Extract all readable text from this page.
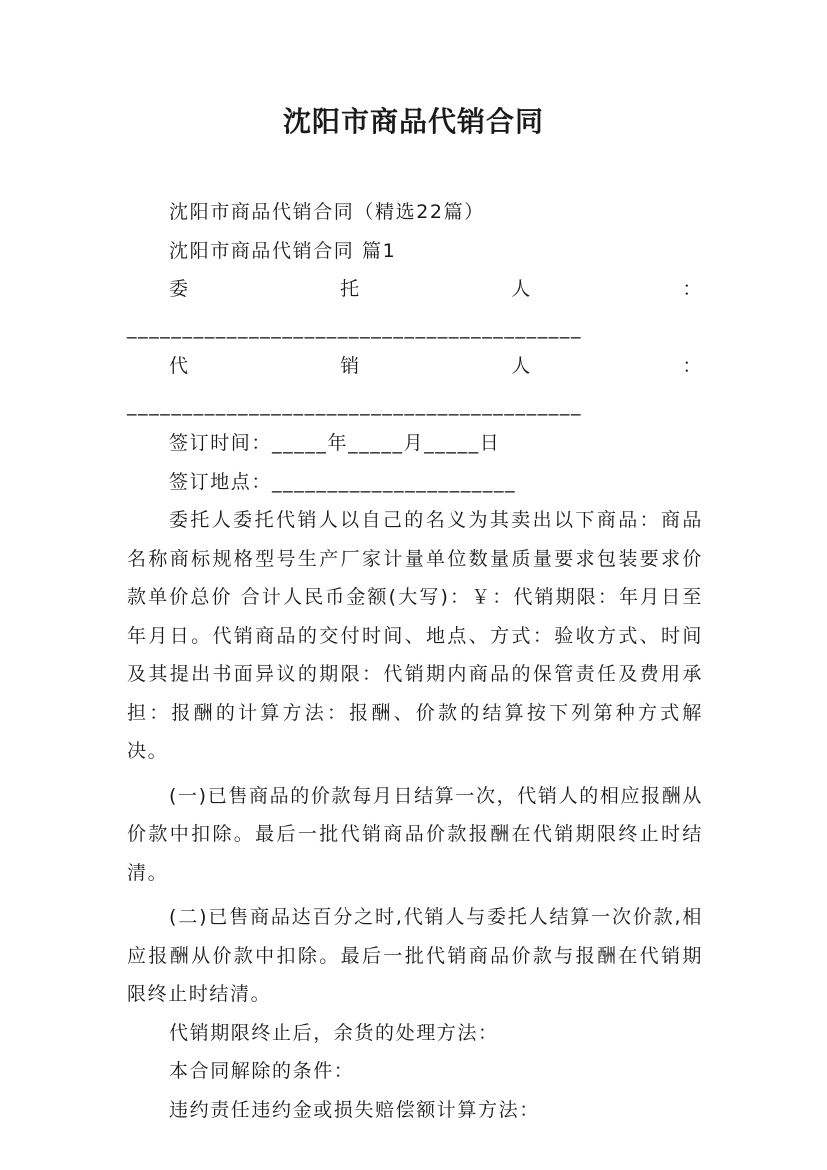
沈阳市商品代销合同

沈阳市商品代销合同（精选22篇）

沈阳市商品代销合同 篇1

委托人：_________________________________________

代销人：_________________________________________

签订时间：_____年_____月_____日

签订地点：______________________

委托人委托代销人以自己的名义为其卖出以下商品：商品名称商标规格型号生产厂家计量单位数量质量要求包装要求价款单价总价 合计人民币金额(大写)：￥：代销期限：年月日至年月日。代销商品的交付时间、地点、方式：验收方式、时间及其提出书面异议的期限：代销期内商品的保管责任及费用承担：报酬的计算方法：报酬、价款的结算按下列第种方式解决。

(一)已售商品的价款每月日结算一次，代销人的相应报酬从价款中扣除。最后一批代销商品价款报酬在代销期限终止时结清。

(二)已售商品达百分之时,代销人与委托人结算一次价款,相应报酬从价款中扣除。最后一批代销商品价款与报酬在代销期限终止时结清。

代销期限终止后，余货的处理方法：

本合同解除的条件：

违约责任违约金或损失赔偿额计算方法：
